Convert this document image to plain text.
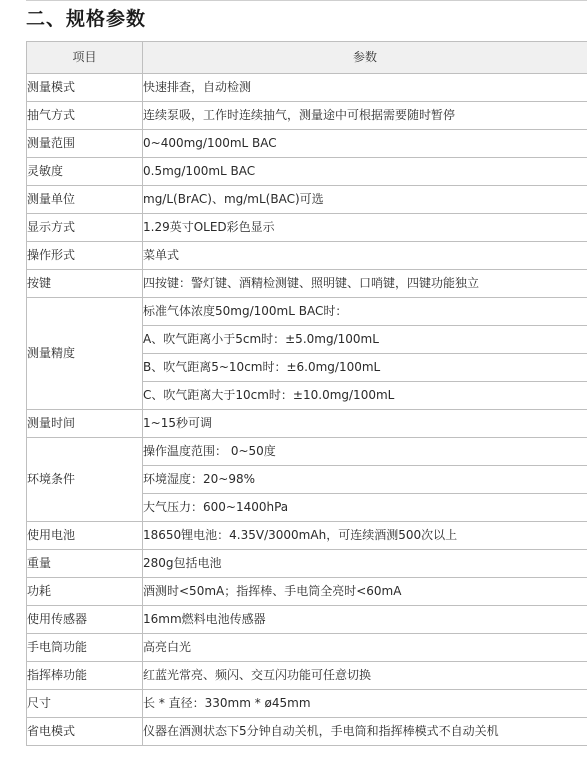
二、规格参数
项目	参数
测量模式	快速排查，自动检测
抽气方式	连续泵吸，工作时连续抽气，测量途中可根据需要随时暂停
测量范围	0~400mg/100mL BAC
灵敏度	0.5mg/100mL BAC
测量单位	mg/L(BrAC)、mg/mL(BAC)可选
显示方式	1.29英寸OLED彩色显示
操作形式	菜单式
按键	四按键：警灯键、酒精检测键、照明键、口哨键，四键功能独立
测量精度	标准气体浓度50mg/100mL BAC时：
	A、吹气距离小于5cm时：±5.0mg/100mL
	B、吹气距离5~10cm时：±6.0mg/100mL
	C、吹气距离大于10cm时：±10.0mg/100mL
测量时间	1~15秒可调
环境条件	操作温度范围： 0~50度
	环境湿度：20~98%
	大气压力：600~1400hPa
使用电池	18650锂电池：4.35V/3000mAh，可连续酒测500次以上
重量	280g包括电池
功耗	酒测时<50mA；指挥棒、手电筒全亮时<60mA
使用传感器	16mm燃料电池传感器
手电筒功能	高亮白光
指挥棒功能	红蓝光常亮、频闪、交互闪功能可任意切换
尺寸	长 * 直径：330mm * ø45mm
省电模式	仪器在酒测状态下5分钟自动关机，手电筒和指挥棒模式不自动关机
